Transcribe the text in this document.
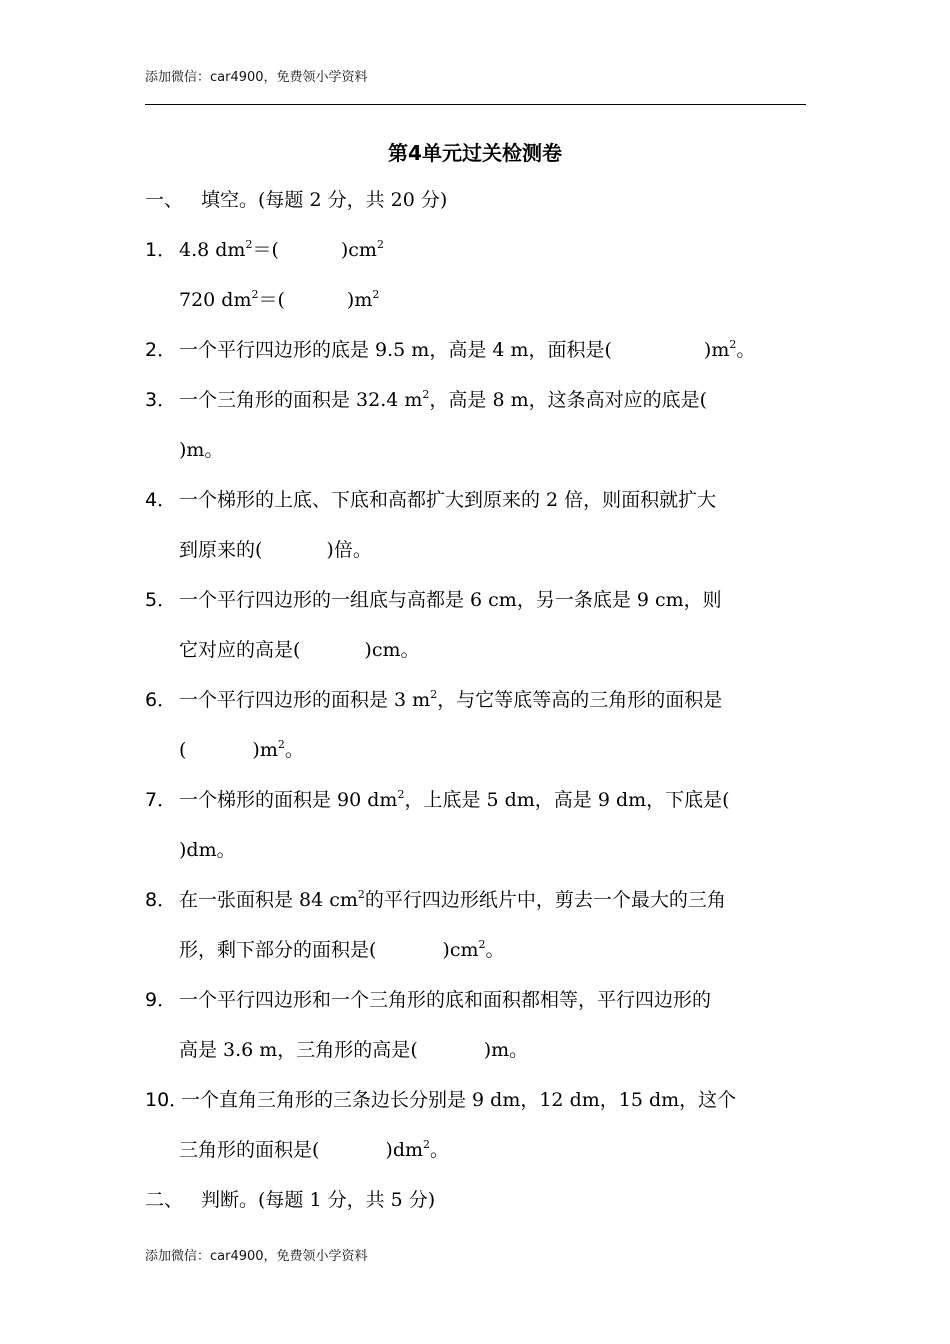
添加微信：car4900，免费领小学资料
第4单元过关检测卷
一、 填空。(每题 2 分，共 20 分)
1． 4.8 $dm^2=$(	)$cm^2$
720 $dm^2=$(	)$m^2$
2． 一个平行四边形的底是 9.5 m，高是 4 m，面积是(	)$m^2$。
3． 一个三角形的面积是 32.4 $m^2$，高是 8 m，这条高对应的底是(
)m。
4． 一个梯形的上底、下底和高都扩大到原来的 2 倍，则面积就扩大
到原来的(	)倍。
5． 一个平行四边形的一组底与高都是 6 cm，另一条底是 9 cm，则
它对应的高是(	)cm。
6． 一个平行四边形的面积是 3 $m^2$，与它等底等高的三角形的面积是
(	)$m^2$。
7． 一个梯形的面积是 90 $dm^2$，上底是 5 dm，高是 9 dm，下底是(
)dm。
8． 在一张面积是 84 $cm^2$的平行四边形纸片中，剪去一个最大的三角
形，剩下部分的面积是(	)$cm^2$。
9． 一个平行四边形和一个三角形的底和面积都相等，平行四边形的
高是 3.6 m，三角形的高是(	)m。
10．一个直角三角形的三条边长分别是 9 dm，12 dm，15 dm，这个
三角形的面积是(	)$dm^2$。
二、 判断。(每题 1 分，共 5 分)
添加微信：car4900，免费领小学资料
